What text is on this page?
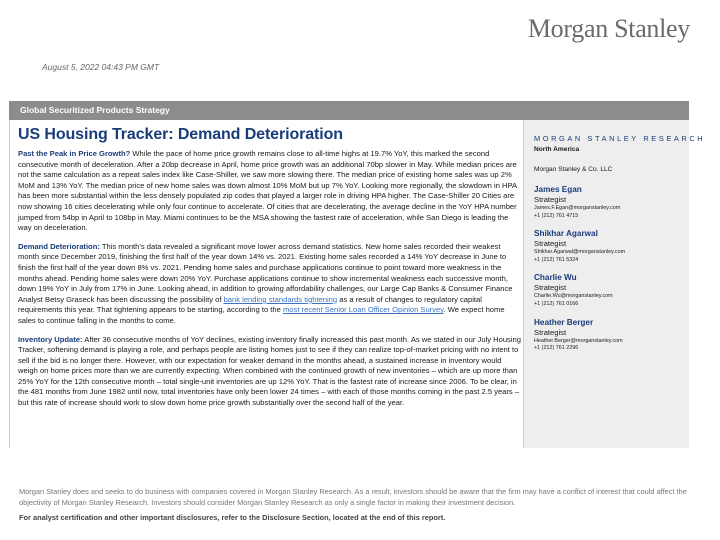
Morgan Stanley
August 5, 2022 04:43 PM GMT
Global Securitized Products Strategy
US Housing Tracker: Demand Deterioration

Past the Peak in Price Growth? While the pace of home price growth remains close to all-time highs at 19.7% YoY, this marked the second consecutive month of deceleration. After a 20bp decrease in April, home price growth was an additional 70bp slower in May. While median prices are not the same calculation as a repeat sales index like Case-Shiller, we saw more slowing there. The median price of existing home sales was up 2% MoM and 13% YoY. The median price of new home sales was down almost 10% MoM but up 7% YoY. Looking more regionally, the slowdown in HPA has been more substantial within the less densely populated zip codes that played a larger role in driving HPA higher. The Case-Shiller 20 Cities are now showing 16 cities decelerating while only four continue to accelerate. Of cities that are decelerating, the average decline in the YoY HPA number jumped from 54bp in April to 108bp in May. Miami continues to be the MSA showing the fastest rate of acceleration, while San Diego is leading the way on deceleration.

Demand Deterioration: This month's data revealed a significant move lower across demand statistics. New home sales recorded their weakest month since December 2019, finishing the first half of the year down 14% vs. 2021. Existing home sales recorded a 14% YoY decrease in June to finish the first half of the year down 8% vs. 2021. Pending home sales and purchase applications continue to point toward more weakness in the months ahead. Pending home sales were down 20% YoY. Purchase applications continue to show incremental weakness each successive month, down 19% YoY in July from 17% in June. Looking ahead, in addition to growing affordability challenges, our Large Cap Banks & Consumer Finance Analyst Betsy Graseck has been discussing the possibility of bank lending standards tightening as a result of changes to regulatory capital requirements this year. That tightening appears to be starting, according to the most recent Senior Loan Officer Opinion Survey. We expect home sales to continue falling in the months to come.

Inventory Update: After 36 consecutive months of YoY declines, existing inventory finally increased this past month. As we stated in our July Housing Tracker, softening demand is playing a role, and perhaps people are listing homes just to see if they can realize top-of-market pricing with no intent to sell if the bid is no longer there. However, with our expectation for weaker demand in the months ahead, a sustained increase in inventory would weigh on home prices more than we are currently expecting. When combined with the continued growth of new inventories – which are up more than 25% YoY for the 12th consecutive month – total single-unit inventories are up 12% YoY. That is the fastest rate of increase since 2006. To be clear, in the 481 months from June 1982 until now, total inventories have only been lower 24 times – with each of those months coming in the past 2.5 years – but this rate of increase should work to slow down home price growth substantially over the second half of the year.

MORGAN STANLEY RESEARCH
North America
Morgan Stanley & Co. LLC
James Egan
Strategist
James.F.Egan@morganstanley.com
+1 (212) 761 4715
Shikhar Agarwal
Strategist
Shikhar.Agarwal@morganstanley.com
+1 (212) 761 5324
Charlie Wu
Strategist
Charlie.Wu@morganstanley.com
+1 (212) 761 0166
Heather Berger
Strategist
Heather.Berger@morganstanley.com
+1 (212) 761 2296
Morgan Stanley does and seeks to do business with companies covered in Morgan Stanley Research. As a result, investors should be aware that the firm may have a conflict of interest that could affect the objectivity of Morgan Stanley Research. Investors should consider Morgan Stanley Research as only a single factor in making their investment decision.
For analyst certification and other important disclosures, refer to the Disclosure Section, located at the end of this report.
